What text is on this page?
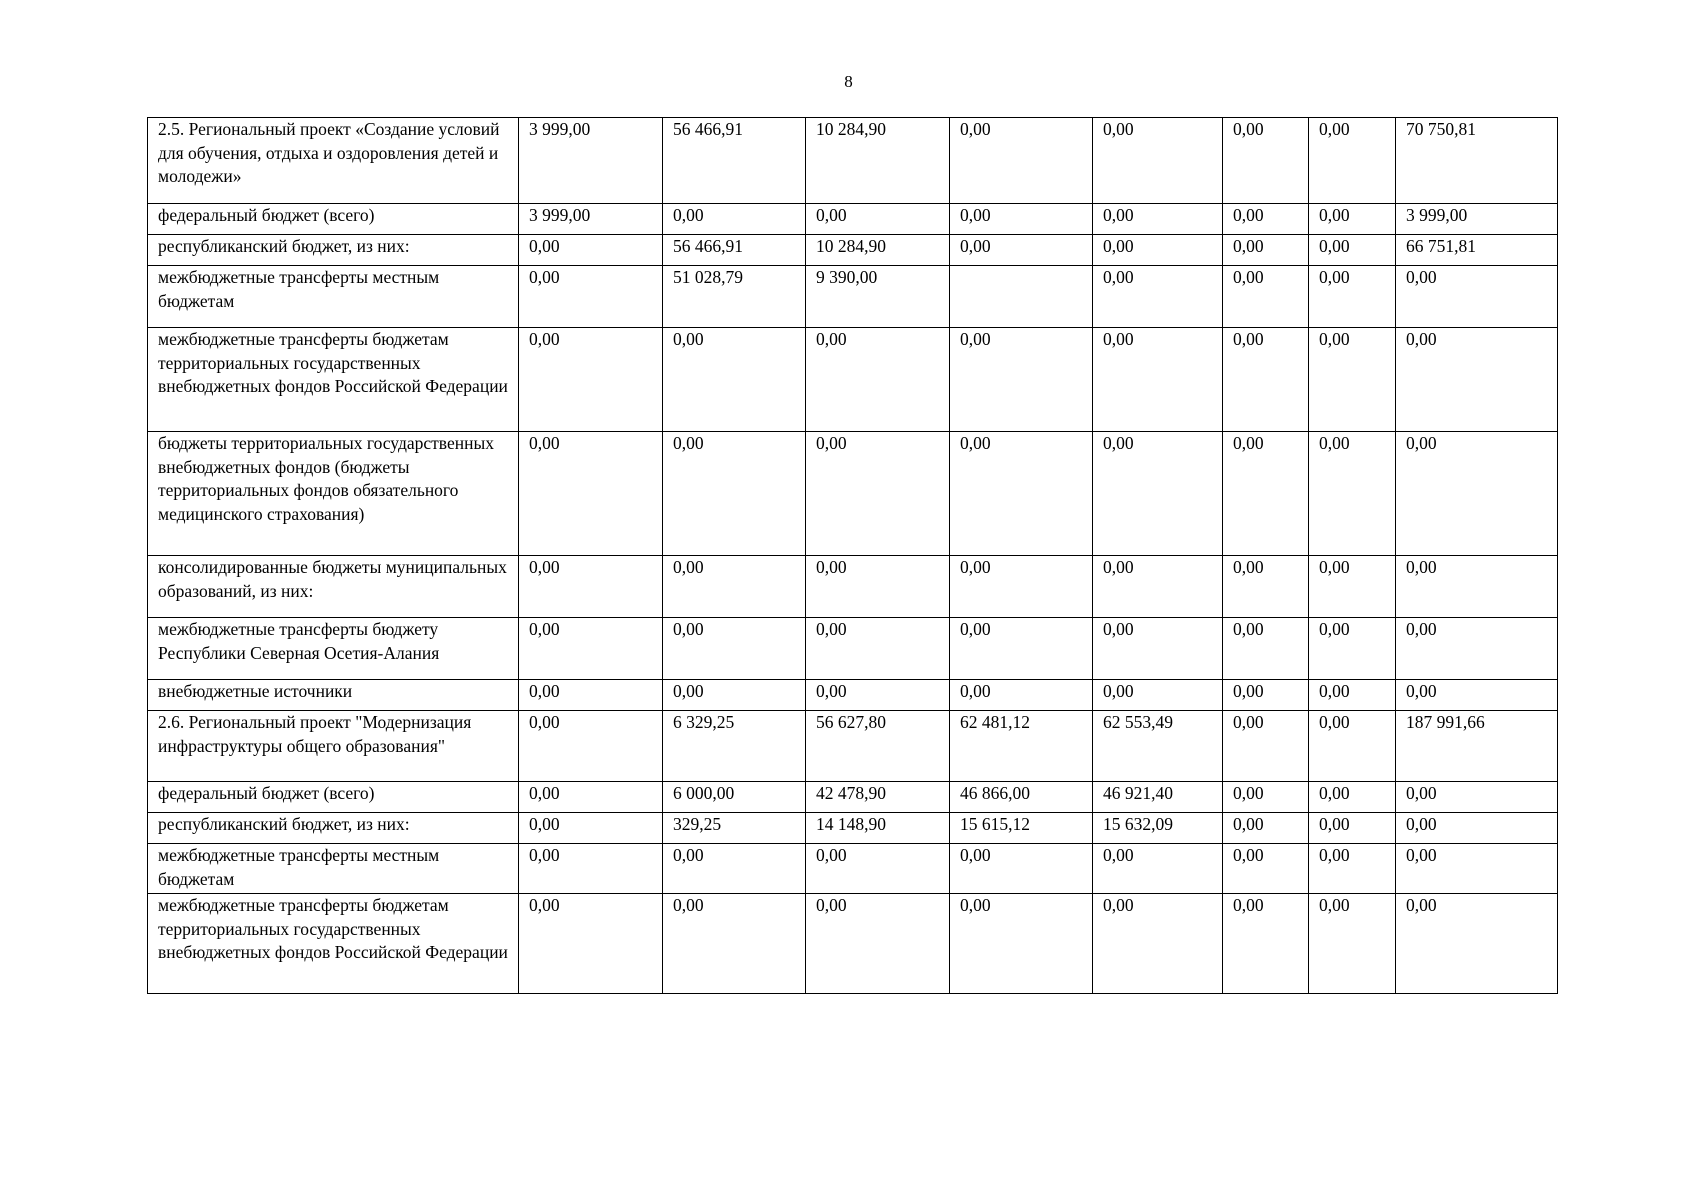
8
2.5. Региональный проект «Создание условий для обучения, отдыха и оздоровления детей и молодежи»	3 999,00	56 466,91	10 284,90	0,00	0,00	0,00	0,00	70 750,81
федеральный бюджет (всего)	3 999,00	0,00	0,00	0,00	0,00	0,00	0,00	3 999,00
республиканский бюджет, из них:	0,00	56 466,91	10 284,90	0,00	0,00	0,00	0,00	66 751,81
межбюджетные трансферты местным бюджетам	0,00	51 028,79	9 390,00		0,00	0,00	0,00	0,00
межбюджетные трансферты бюджетам территориальных государственных внебюджетных фондов Российской Федерации	0,00	0,00	0,00	0,00	0,00	0,00	0,00	0,00
бюджеты территориальных государственных внебюджетных фондов (бюджеты территориальных фондов обязательного медицинского страхования)	0,00	0,00	0,00	0,00	0,00	0,00	0,00	0,00
консолидированные бюджеты муниципальных образований, из них:	0,00	0,00	0,00	0,00	0,00	0,00	0,00	0,00
межбюджетные трансферты бюджету Республики Северная Осетия-Алания	0,00	0,00	0,00	0,00	0,00	0,00	0,00	0,00
внебюджетные источники	0,00	0,00	0,00	0,00	0,00	0,00	0,00	0,00
2.6. Региональный проект "Модернизация инфраструктуры общего образования"	0,00	6 329,25	56 627,80	62 481,12	62 553,49	0,00	0,00	187 991,66
федеральный бюджет (всего)	0,00	6 000,00	42 478,90	46 866,00	46 921,40	0,00	0,00	0,00
республиканский бюджет, из них:	0,00	329,25	14 148,90	15 615,12	15 632,09	0,00	0,00	0,00
межбюджетные трансферты местным бюджетам	0,00	0,00	0,00	0,00	0,00	0,00	0,00	0,00
межбюджетные трансферты бюджетам территориальных государственных внебюджетных фондов Российской Федерации	0,00	0,00	0,00	0,00	0,00	0,00	0,00	0,00
